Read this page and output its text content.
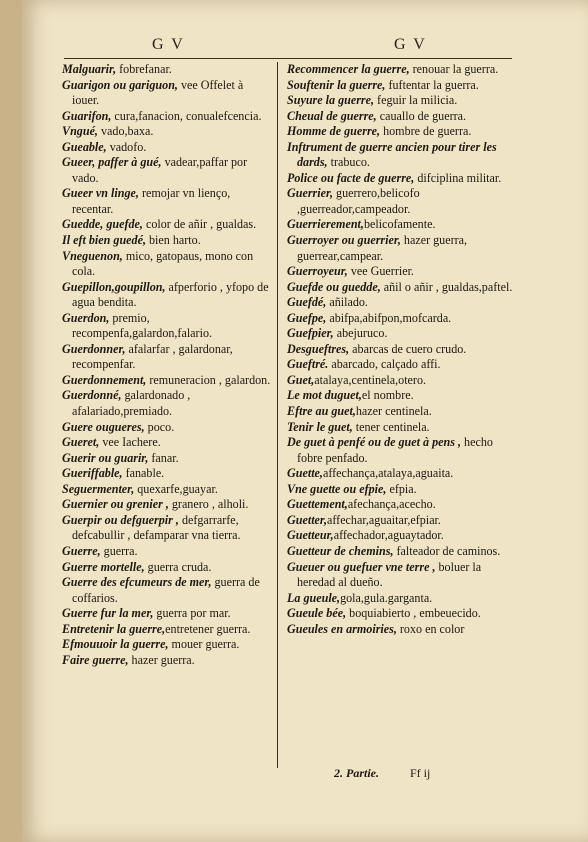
G V	G V

Malguarir, fobrefanar.

Guarigon ou gariguon, vee Offelet à iouer.

Guarifon, cura,fanacion, conualefcencia.

Vngué, vado,baxa.

Gueable, vadofo.

Gueer, paffer à gué, vadear,paffar por vado.

Gueer vn linge, remojar vn lienço, recentar.

Guedde, guefde, color de añir , gualdas.

Il eft bien guedé, bien harto.

Vneguenon, mico, gatopaus, mono con cola.

Guepillon,goupillon, afperforio , yfopo de agua bendita.

Guerdon, premio, recompenfa,galardon,falario.

Guerdonner, afalarfar , galardonar, recompenfar.

Guerdonnement, remuneracion , galardon.

Guerdonné, galardonado , afalariado,premiado.

Guere ougueres, poco.

Gueret, vee Iachere.

Guerir ou guarir, fanar.

Gueriffable, fanable.

Seguermenter, quexarfe,guayar.

Guernier ou grenier , granero , alholi.

Guerpir ou defguerpir , defgarrarfe, defcabullir , defamparar vna tierra.

Guerre, guerra.

Guerre mortelle, guerra cruda.

Guerre des efcumeurs de mer, guerra de coffarios.

Guerre fur la mer, guerra por mar.

Entretenir la guerre,entretener guerra.

Efmouuoir la guerre, mouer guerra.

Faire guerre, hazer guerra.

Recommencer la guerre, renouar la guerra.

Souftenir la guerre, fuftentar la guerra.

Suyure la guerre, feguir la milicia.

Cheual de guerre, cauallo de guerra.

Homme de guerre, hombre de guerra.

Inftrument de guerre ancien pour tirer les dards, trabuco.

Police ou facte de guerre, difciplina militar.

Guerrier, guerrero,belicofo ,guerreador,campeador.

Guerrierement,belicofamente.

Guerroyer ou guerrier, hazer guerra, guerrear,campear.

Guerroyeur, vee Guerrier.

Guefde ou guedde, añil o añir , gualdas,paftel.

Guefdé, añilado.

Guefpe, abifpa,abifpon,mofcarda.

Guefpier, abejuruco.

Desgueftres, abarcas de cuero crudo.

Gueftré. abarcado, calçado affi.

Guet,atalaya,centinela,otero.

Le mot duguet,el nombre.

Eftre au guet,hazer centinela.

Tenir le guet, tener centinela.

De guet à penfé ou de guet à pens , hecho fobre penfado.

Guette,affechança,atalaya,aguaita.

Vne guette ou efpie, efpia.

Guettement,afechança,acecho.

Guetter,affechar,aguaitar,efpiar.

Guetteur,affechador,aguaytador.

Guetteur de chemins, falteador de caminos.

Gueuer ou guefuer vne terre , boluer la heredad al dueño.

La gueule,gola,gula.garganta.

Gueule bée, boquiabierto , embeuecido.

Gueules en armoiries, roxo en color

2. Partie.	Ff ij
